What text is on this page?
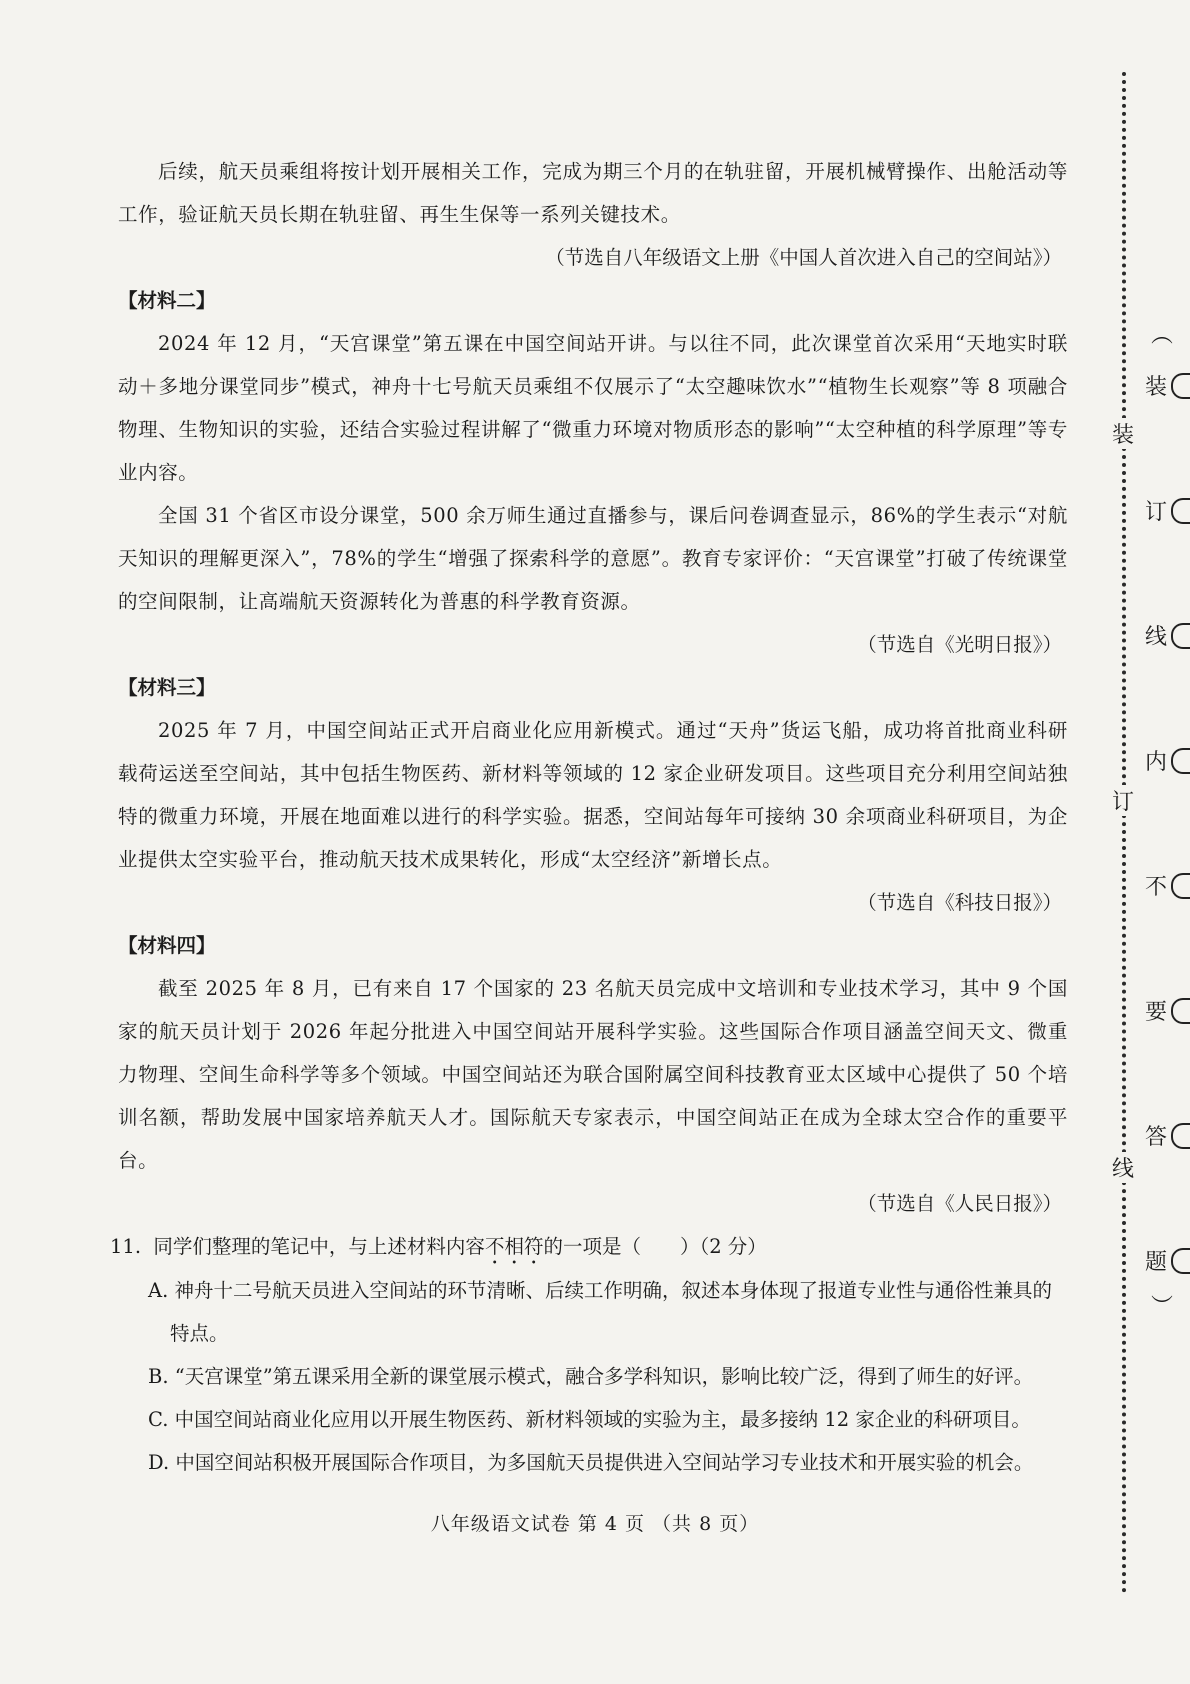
后续，航天员乘组将按计划开展相关工作，完成为期三个月的在轨驻留，开展机械臂操作、出舱活动等工作，验证航天员长期在轨驻留、再生生保等一系列关键技术。

（节选自八年级语文上册《中国人首次进入自己的空间站》）

【材料二】

2024 年 12 月，“天宫课堂”第五课在中国空间站开讲。与以往不同，此次课堂首次采用“天地实时联动＋多地分课堂同步”模式，神舟十七号航天员乘组不仅展示了“太空趣味饮水”“植物生长观察”等 8 项融合物理、生物知识的实验，还结合实验过程讲解了“微重力环境对物质形态的影响”“太空种植的科学原理”等专业内容。

全国 31 个省区市设分课堂，500 余万师生通过直播参与，课后问卷调查显示，86%的学生表示“对航天知识的理解更深入”，78%的学生“增强了探索科学的意愿”。教育专家评价：“天宫课堂”打破了传统课堂的空间限制，让高端航天资源转化为普惠的科学教育资源。

（节选自《光明日报》）

【材料三】

2025 年 7 月，中国空间站正式开启商业化应用新模式。通过“天舟”货运飞船，成功将首批商业科研载荷运送至空间站，其中包括生物医药、新材料等领域的 12 家企业研发项目。这些项目充分利用空间站独特的微重力环境，开展在地面难以进行的科学实验。据悉，空间站每年可接纳 30 余项商业科研项目，为企业提供太空实验平台，推动航天技术成果转化，形成“太空经济”新增长点。

（节选自《科技日报》）

【材料四】

截至 2025 年 8 月，已有来自 17 个国家的 23 名航天员完成中文培训和专业技术学习，其中 9 个国家的航天员计划于 2026 年起分批进入中国空间站开展科学实验。这些国际合作项目涵盖空间天文、微重力物理、空间生命科学等多个领域。中国空间站还为联合国附属空间科技教育亚太区域中心提供了 50 个培训名额，帮助发展中国家培养航天人才。国际航天专家表示，中国空间站正在成为全球太空合作的重要平台。

（节选自《人民日报》）

11. 同学们整理的笔记中，与上述材料内容不相符的一项是（　　）（2 分）

A. 神舟十二号航天员进入空间站的环节清晰、后续工作明确，叙述本身体现了报道专业性与通俗性兼具的特点。

B. “天宫课堂”第五课采用全新的课堂展示模式，融合多学科知识，影响比较广泛，得到了师生的好评。

C. 中国空间站商业化应用以开展生物医药、新材料领域的实验为主，最多接纳 12 家企业的科研项目。

D. 中国空间站积极开展国际合作项目，为多国航天员提供进入空间站学习专业技术和开展实验的机会。

八年级语文试卷 第 4 页 （共 8 页）
装
订
线
︵
装
订
线
内
不
要
答
题
︶
